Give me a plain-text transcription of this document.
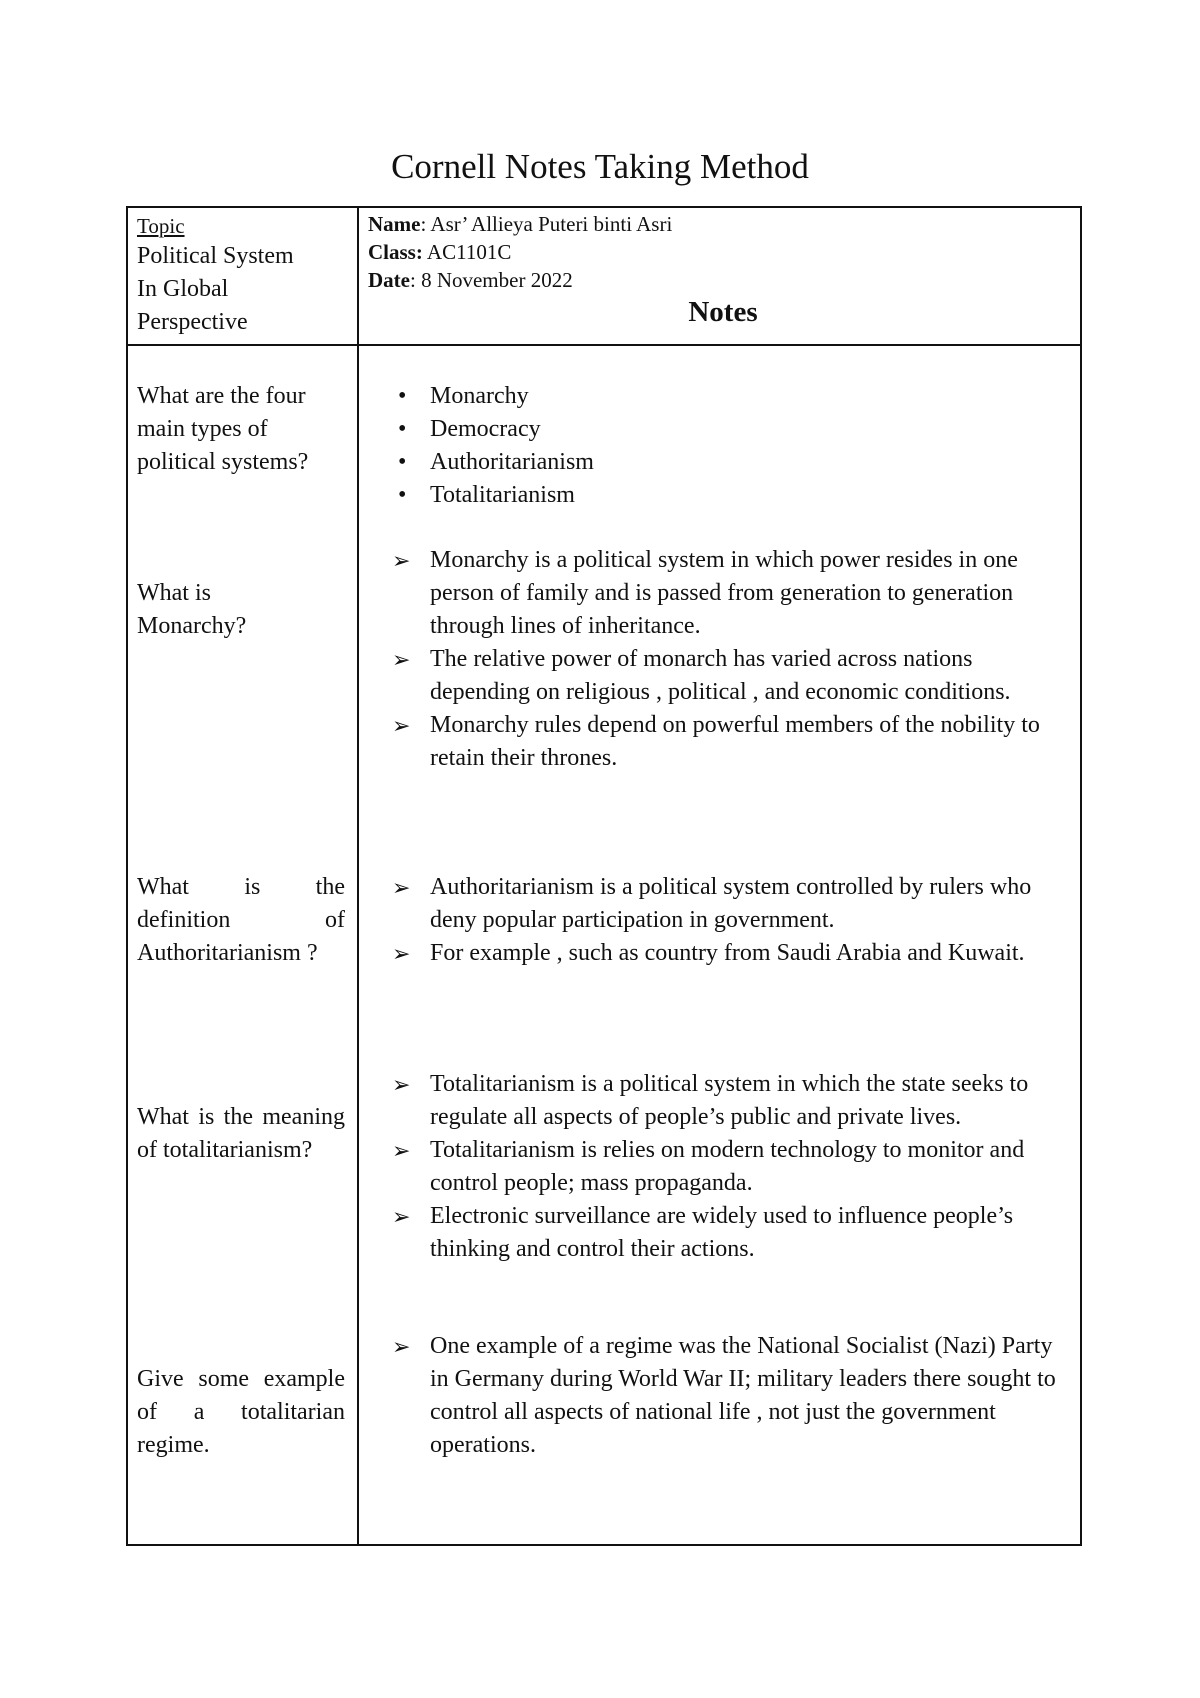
Cornell Notes Taking Method
Topic
Political System
In Global
Perspective
Name: Asr’ Allieya Puteri binti Asri
Class: AC1101C
Date: 8 November 2022
Notes
What are the four main types of political systems?
• Monarchy
• Democracy
• Authoritarianism
• Totalitarianism
What is Monarchy?
➢ Monarchy is a political system in which power resides in one person of family and is passed from generation to generation through lines of inheritance.
➢ The relative power of monarch has varied across nations depending on religious , political , and economic conditions.
➢ Monarchy rules depend on powerful members of the nobility to retain their thrones.
What is the definition of Authoritarianism ?
➢ Authoritarianism is a political system controlled by rulers who deny popular participation in government.
➢ For example , such as country from Saudi Arabia and Kuwait.
What is the meaning of totalitarianism?
➢ Totalitarianism is a political system in which the state seeks to regulate all aspects of people’s public and private lives.
➢ Totalitarianism is relies on modern technology to monitor and control people; mass propaganda.
➢ Electronic surveillance are widely used to influence people’s thinking and control their actions.
Give some example of a totalitarian regime.
➢ One example of a regime was the National Socialist (Nazi) Party in Germany during World War II; military leaders there sought to control all aspects of national life , not just the government operations.
